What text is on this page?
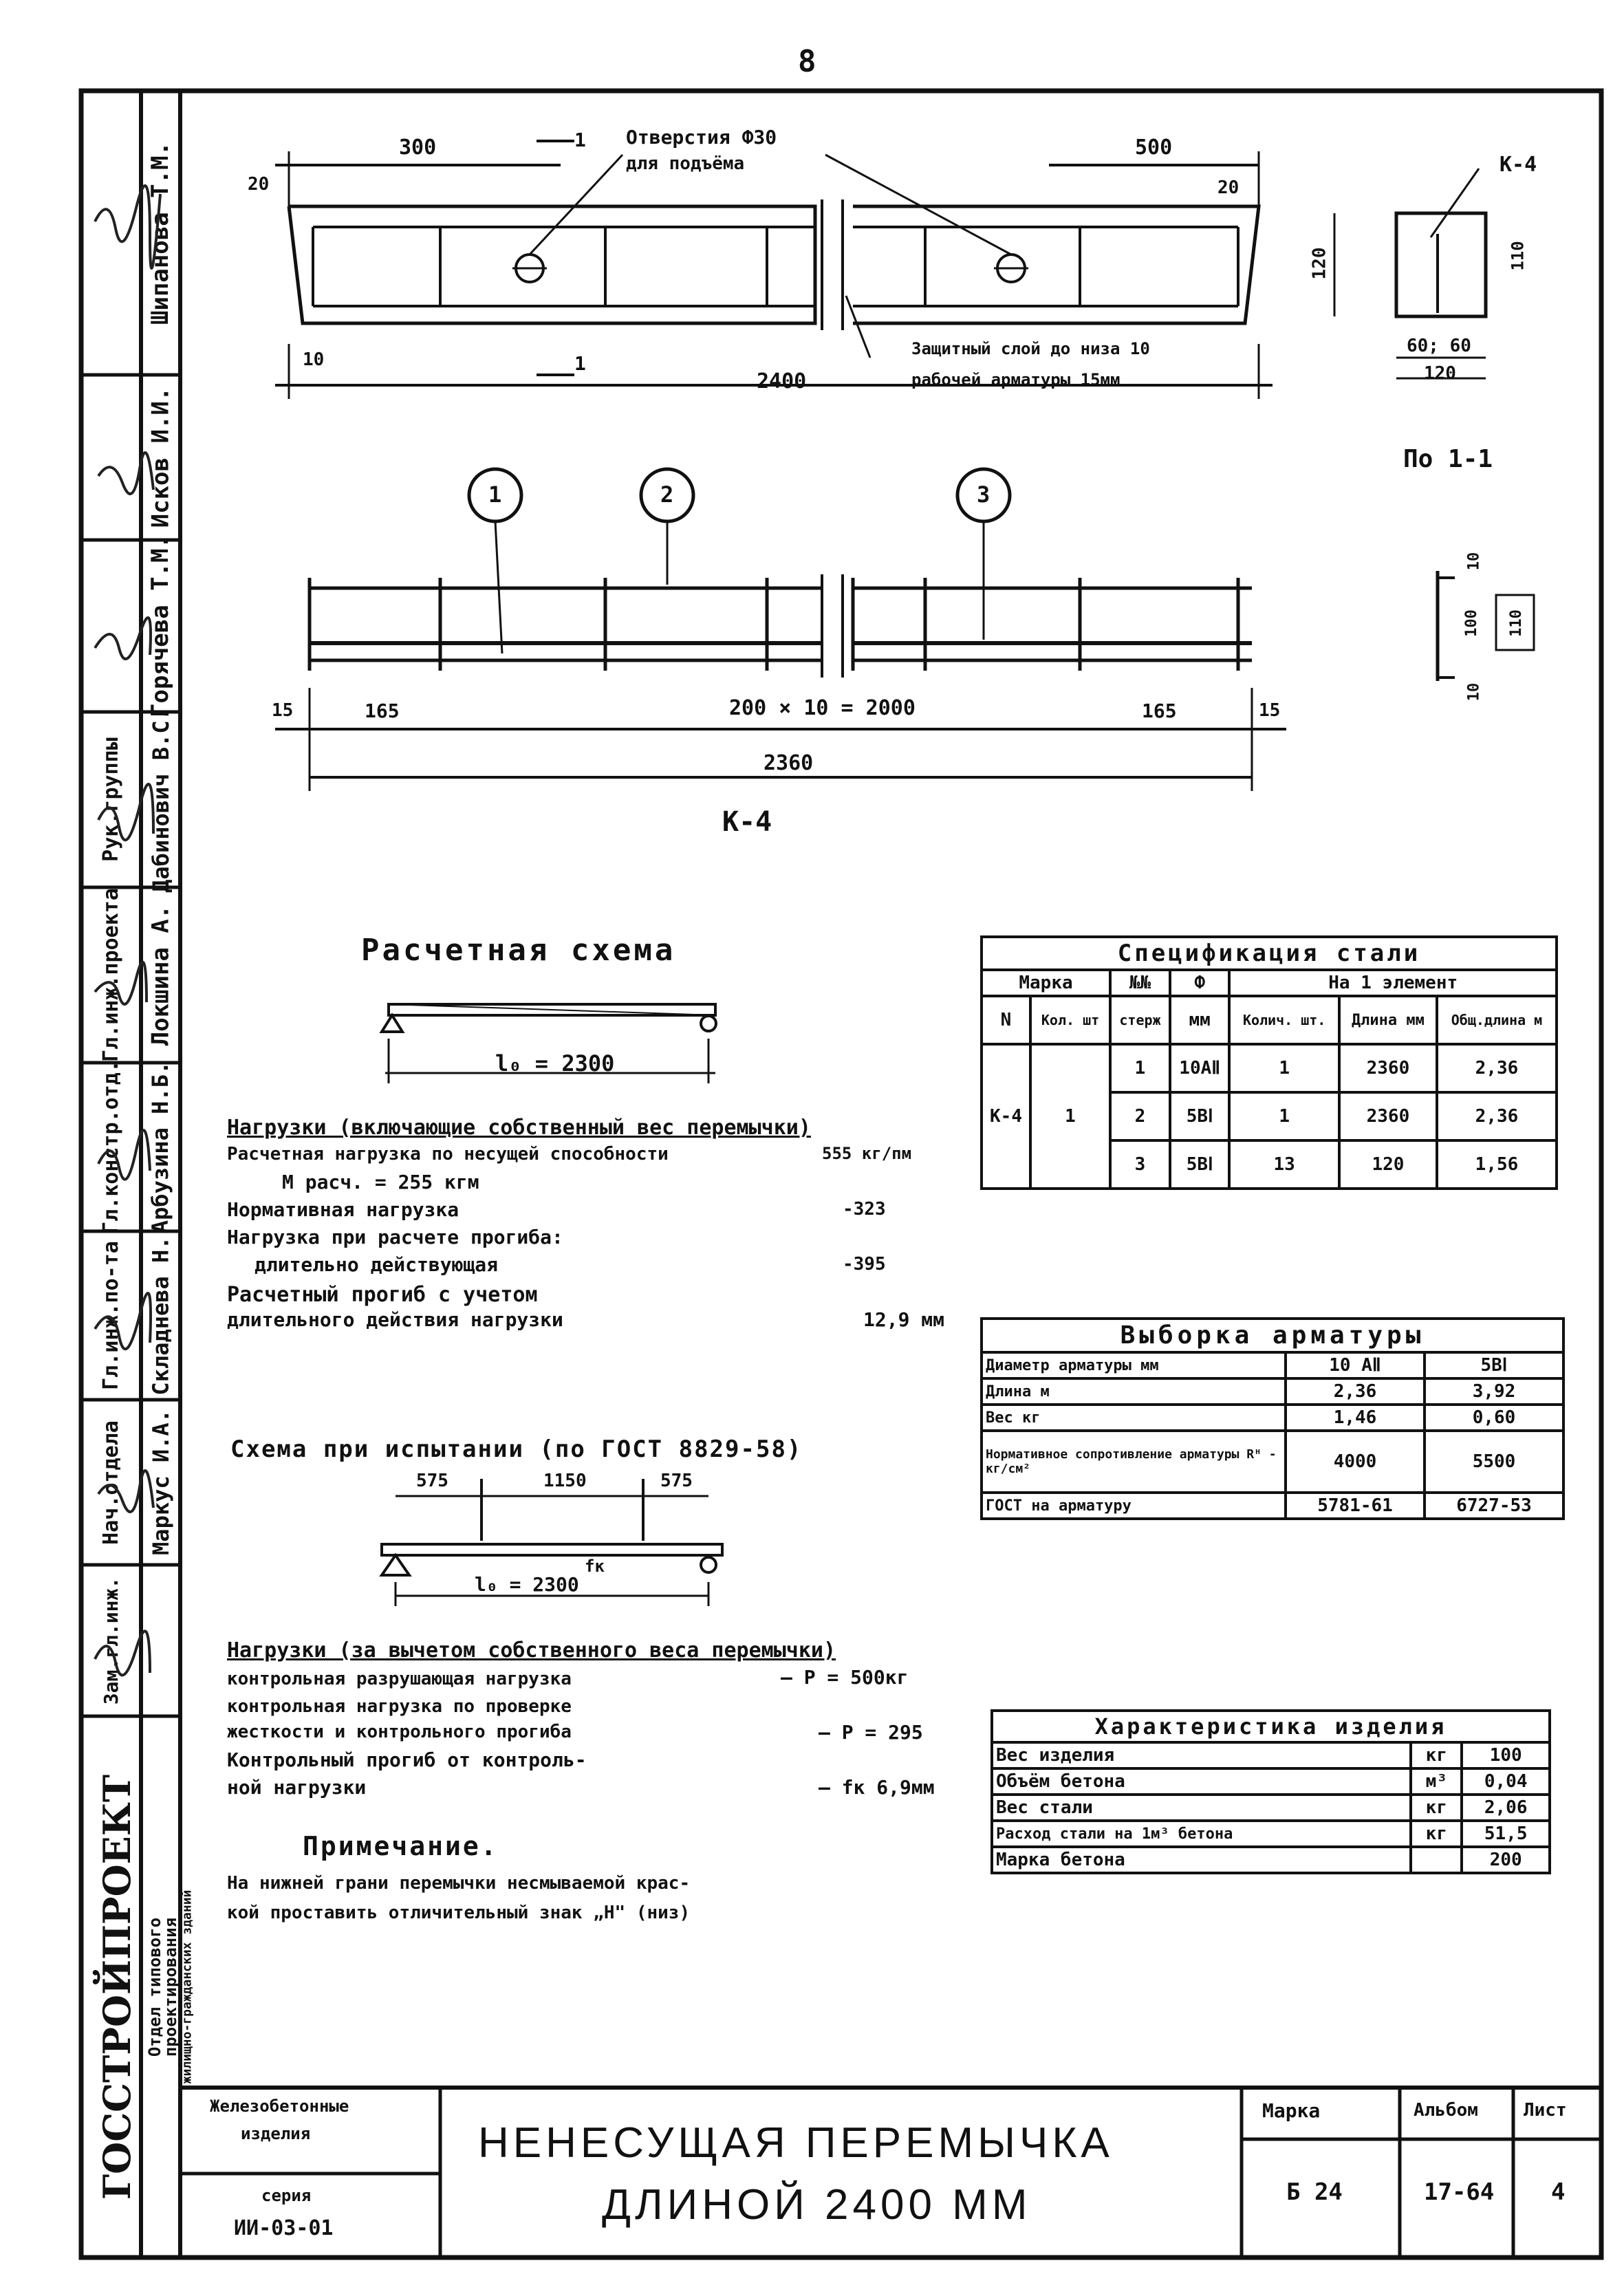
8
Шипанова Т.М.
Исков И.И.
Горячева Т.М.
Дабинович В.С.
Локшина А.
Арбузина Н.Б.
Складнева Н.
Маркус И.А.
Гл.инж.проекта
Гл.констр.отд.
Гл.инж.по-та
Рук.группы
Нач.отдела
Зам.гл.инж.
ГОССТРОЙПРОЕКТ Отдел типового
проектирования жилищно-гражданских зданий
300	500
20	20
10
2400
Отверстия Ф30
для подъёма
Защитный слой до низа 10
рабочей арматуры 15мм
1
1
К-4
120	110
60; 60
120
По 1-1
1	2	3
15	165	200 × 10 = 2000	165	15
2360
К-4
10
100 110
10
Расчетная схема
l₀ = 2300
Нагрузки (включающие собственный вес перемычки)
Расчетная нагрузка по несущей способности	555 кг/пм
М расч. = 255 кгм
Нормативная нагрузка	-323
Нагрузка при расчете прогиба:
длительно действующая	-395
Расчетный прогиб с учетом
длительного действия нагрузки	12,9 мм
Схема при испытании (по ГОСТ 8829-58)
575	1150	575
l₀ = 2300
fк
Нагрузки (за вычетом собственного веса перемычки)
контрольная разрушающая нагрузка	— P = 500кг
контрольная нагрузка по проверке
жесткости и контрольного прогиба	— P = 295
Контрольный прогиб от контроль-
ной нагрузки	— fк 6,9мм
Примечание.
На нижней грани перемычки несмываемой крас-
кой проставить отличительный знак „Н" (низ)
Спецификация стали						
Марка		№№	Ф	На 1 элемент		
N	Кол. шт	стерж	мм	Колич. шт.	Длина мм	Общ.длина м
К-4	1	1	10АⅡ	1	2360	2,36
		2	5ВⅠ	1	2360	2,36
		3	5ВⅠ	13	120	1,56
Выборка арматуры		
Диаметр арматуры мм	10 АⅡ	5ВⅠ
Длина м	2,36	3,92
Вес кг	1,46	0,60
Нормативное сопротивление арматуры Rᴴ - кг/см²	4000	5500
ГОСТ на арматуру	5781-61	6727-53
Характеристика изделия		
Вес изделия	кг	100
Объём бетона	м³	0,04
Вес стали	кг	2,06
Расход стали на 1м³ бетона	кг	51,5
Марка бетона		200
Железобетонные
изделия
серия
ИИ-03-01
НЕНЕСУЩАЯ ПЕРЕМЫЧКА
ДЛИНОЙ 2400 ММ
Марка
Б 24
Альбом
17-64
Лист
4
